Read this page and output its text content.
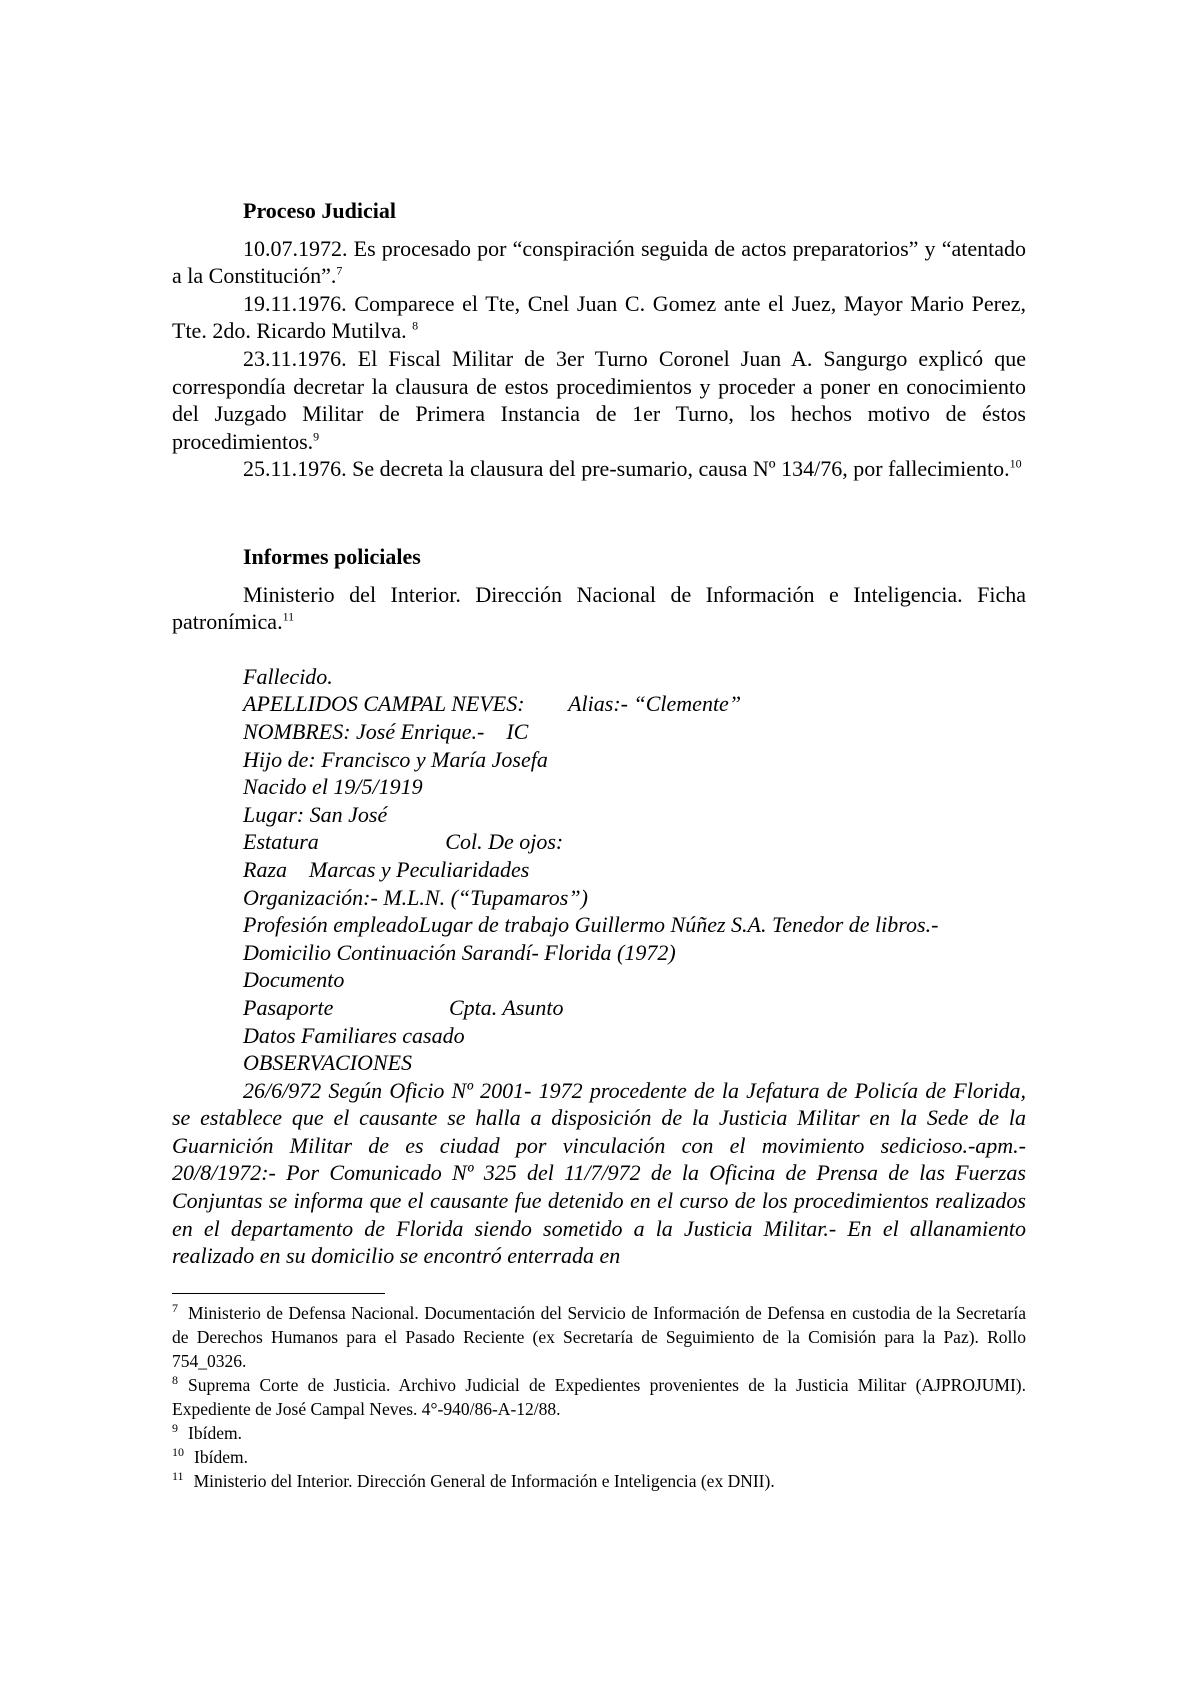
Proceso Judicial
10.07.1972. Es procesado por “conspiración seguida de actos preparatorios” y “atentado a la Constitución”.$^7$
19.11.1976. Comparece el Tte, Cnel Juan C. Gomez ante el Juez, Mayor Mario Perez, Tte. 2do. Ricardo Mutilva. $^8$
23.11.1976. El Fiscal Militar de 3er Turno Coronel Juan A. Sangurgo explicó que correspondía decretar la clausura de estos procedimientos y proceder a poner en conocimiento del Juzgado Militar de Primera Instancia de 1er Turno, los hechos motivo de éstos procedimientos.$^9$
25.11.1976. Se decreta la clausura del pre-sumario, causa Nº 134/76, por fallecimiento.$^{10}$
Informes policiales
Ministerio del Interior. Dirección Nacional de Información e Inteligencia. Ficha patronímica.$^{11}$
Fallecido.
APELLIDOS CAMPAL NEVES:        Alias:- “Clemente”
NOMBRES: José Enrique.-    IC
Hijo de: Francisco y María Josefa
Nacido el 19/5/1919
Lugar: San José
Estatura                       Col. De ojos:
Raza    Marcas y Peculiaridades
Organización:- M.L.N. (“Tupamaros”)
Profesión empleadoLugar de trabajo Guillermo Núñez S.A. Tenedor de libros.-
Domicilio Continuación Sarandí- Florida (1972)
Documento
Pasaporte                     Cpta. Asunto
Datos Familiares casado
OBSERVACIONES
26/6/972 Según Oficio Nº 2001- 1972 procedente de la Jefatura de Policía de Florida, se establece que el causante se halla a disposición de la Justicia Militar en la Sede de la Guarnición Militar de es ciudad por vinculación con el movimiento sedicioso.-apm.- 20/8/1972:- Por Comunicado Nº 325 del 11/7/972 de la Oficina de Prensa de las Fuerzas Conjuntas se informa que el causante fue detenido en el curso de los procedimientos realizados en el departamento de Florida siendo sometido a la Justicia Militar.- En el allanamiento realizado en su domicilio se encontró enterrada en
$^7$ Ministerio de Defensa Nacional. Documentación del Servicio de Información de Defensa en custodia de la Secretaría de Derechos Humanos para el Pasado Reciente (ex Secretaría de Seguimiento de la Comisión para la Paz). Rollo 754_0326.
$^8$ Suprema Corte de Justicia. Archivo Judicial de Expedientes provenientes de la Justicia Militar (AJPROJUMI). Expediente de José Campal Neves. 4°-940/86-A-12/88.
$^9$ Ibídem.
$^{10}$ Ibídem.
$^{11}$ Ministerio del Interior. Dirección General de Información e Inteligencia (ex DNII).
